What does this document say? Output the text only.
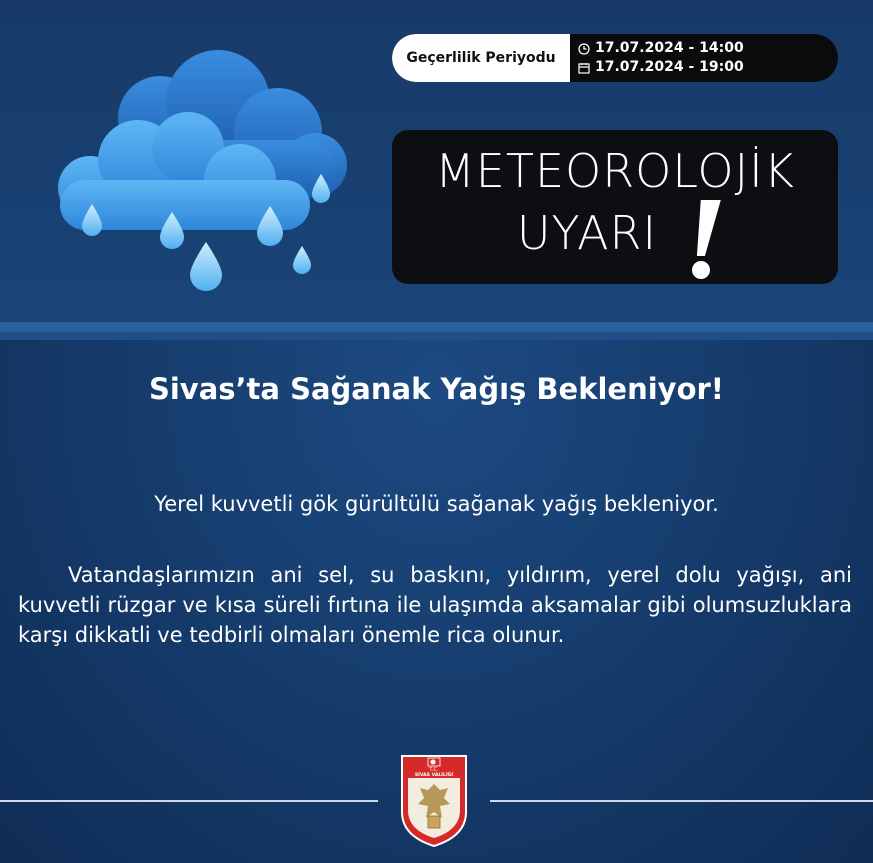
Geçerlilik Periyodu
17.07.2024 - 14:00
17.07.2024 - 19:00
METEOROLOJİK
UYARI
Sivas’ta Sağanak Yağış Bekleniyor!
Yerel kuvvetli gök gürültülü sağanak yağış bekleniyor.
Vatandaşlarımızın ani sel, su baskını, yıldırım, yerel dolu yağışı, ani kuvvetli rüzgar ve kısa süreli fırtına ile ulaşımda aksamalar gibi olumsuzluklara karşı dikkatli ve tedbirli olmaları önemle rica olunur.
T.C.
SİVAS VALİLİĞİ
